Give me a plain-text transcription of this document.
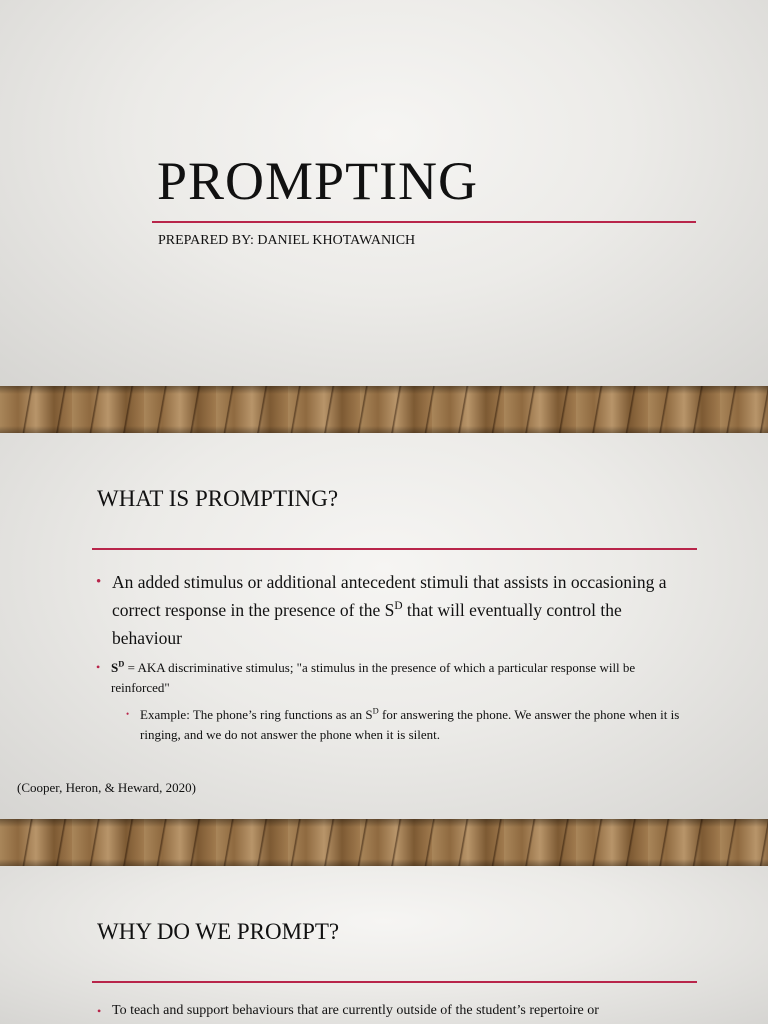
PROMPTING
PREPARED BY: DANIEL KHOTAWANICH
WHAT IS PROMPTING?
• An added stimulus or additional antecedent stimuli that assists in occasioning a correct response in the presence of the $S^D$ that will eventually control the behaviour
• $S^D$ = AKA discriminative stimulus; "a stimulus in the presence of which a particular response will be reinforced"
• Example: The phone’s ring functions as an $S^D$ for answering the phone. We answer the phone when it is ringing, and we do not answer the phone when it is silent.
(Cooper, Heron, & Heward, 2020)
WHY DO WE PROMPT?
• To teach and support behaviours that are currently outside of the student’s repertoire or
